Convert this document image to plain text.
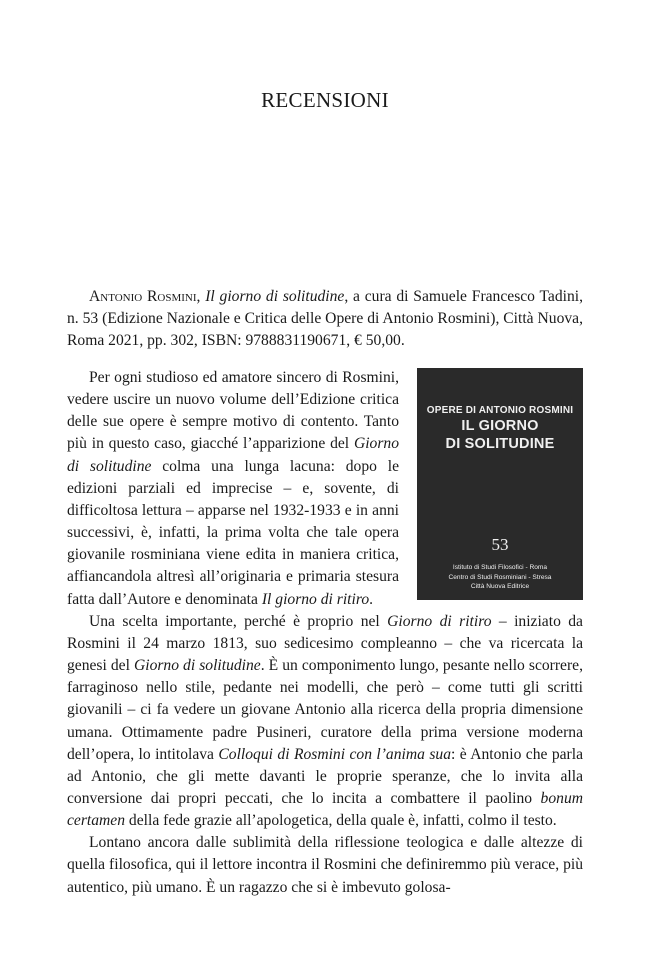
RECENSIONI

Antonio Rosmini, Il giorno di solitudine, a cura di Samuele Francesco Tadini, n. 53 (Edizione Nazionale e Critica delle Opere di Antonio Rosmini), Città Nuova, Roma 2021, pp. 302, ISBN: 9788831190671, € 50,00.

OPERE DI ANTONIO ROSMINI
IL GIORNO
DI SOLITUDINE
53
Istituto di Studi Filosofici - Roma
Centro di Studi Rosminiani - Stresa
Città Nuova Editrice

Per ogni studioso ed amatore sincero di Rosmini, vedere uscire un nuovo volume dell’Edizione critica delle sue opere è sempre motivo di contento. Tanto più in questo caso, giacché l’apparizione del Giorno di solitudine colma una lunga lacuna: dopo le edizioni parziali ed imprecise – e, sovente, di difficoltosa lettura – apparse nel 1932-1933 e in anni successivi, è, infatti, la prima volta che tale opera giovanile rosminiana viene edita in maniera critica, affiancandola altresì all’originaria e primaria stesura fatta dall’Autore e denominata Il giorno di ritiro.

Una scelta importante, perché è proprio nel Giorno di ritiro – iniziato da Rosmini il 24 marzo 1813, suo sedicesimo compleanno – che va ricercata la genesi del Giorno di solitudine. È un componimento lungo, pesante nello scorrere, farraginoso nello stile, pedante nei modelli, che però – come tutti gli scritti giovanili – ci fa vedere un giovane Antonio alla ricerca della propria dimensione umana. Ottimamente padre Pusineri, curatore della prima versione moderna dell’opera, lo intitolava Colloqui di Rosmini con l’anima sua: è Antonio che parla ad Antonio, che gli mette davanti le proprie speranze, che lo invita alla conversione dai propri peccati, che lo incita a combattere il paolino bonum certamen della fede grazie all’apologetica, della quale è, infatti, colmo il testo.

Lontano ancora dalle sublimità della riflessione teologica e dalle altezze di quella filosofica, qui il lettore incontra il Rosmini che definiremmo più verace, più autentico, più umano. È un ragazzo che si è imbevuto golosa-
